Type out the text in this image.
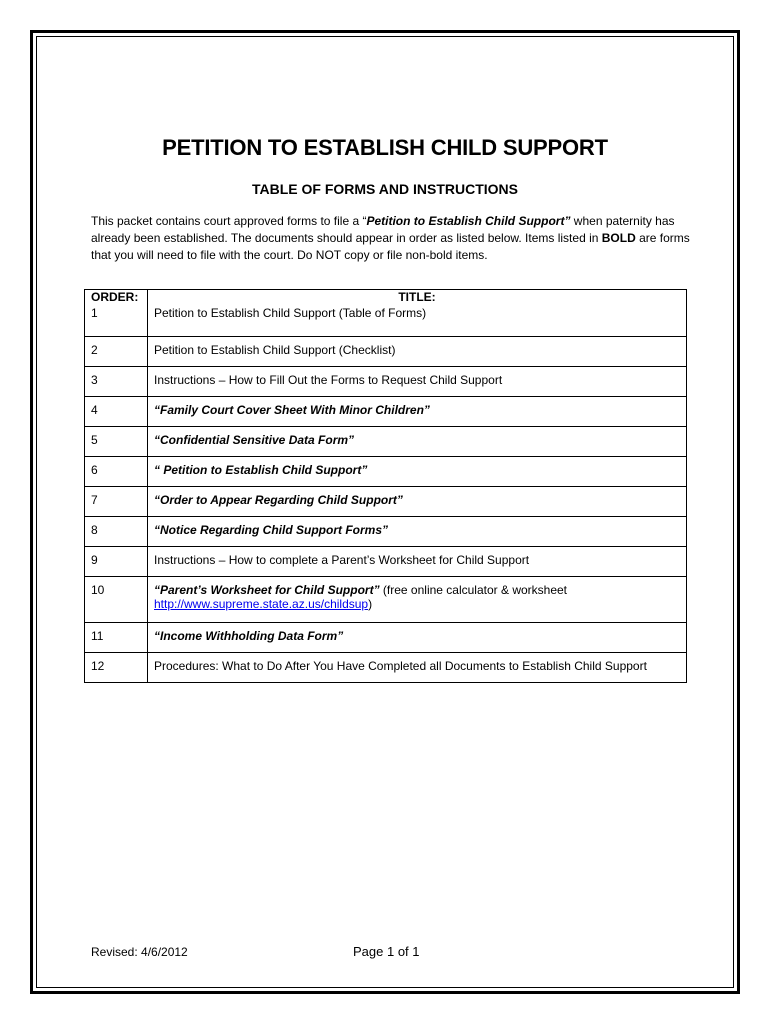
PETITION TO ESTABLISH CHILD SUPPORT
TABLE OF FORMS AND INSTRUCTIONS

This packet contains court approved forms to file a “Petition to Establish Child Support” when paternity has already been established. The documents should appear in order as listed below. Items listed in BOLD are forms that you will need to file with the court. Do NOT copy or file non-bold items.

ORDER:	TITLE:
1	Petition to Establish Child Support (Table of Forms)
2	Petition to Establish Child Support (Checklist)
3	Instructions – How to Fill Out the Forms to Request Child Support
4	“Family Court Cover Sheet With Minor Children”
5	“Confidential Sensitive Data Form”
6	“ Petition to Establish Child Support”
7	“Order to Appear Regarding Child Support”
8	“Notice Regarding Child Support Forms”
9	Instructions – How to complete a Parent’s Worksheet for Child Support
10	“Parent’s Worksheet for Child Support” (free online calculator & worksheet
http://www.supreme.state.az.us/childsup)
11	“Income Withholding Data Form”
12	Procedures: What to Do After You Have Completed all Documents to Establish Child Support
Revised: 4/6/2012	Page 1 of 1
